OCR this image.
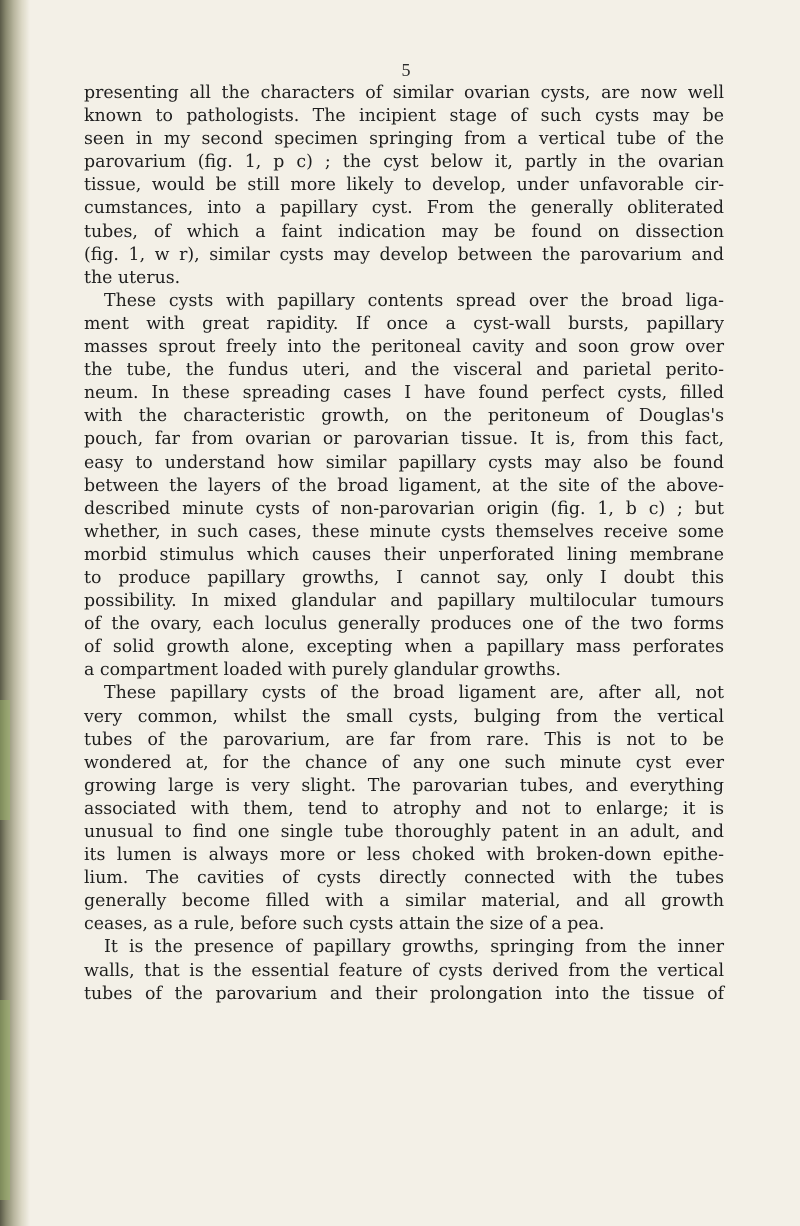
5
presenting all the characters of similar ovarian cysts, are now well
known to pathologists. The incipient stage of such cysts may be
seen in my second specimen springing from a vertical tube of the
parovarium (fig. 1, p c) ; the cyst below it, partly in the ovarian
tissue, would be still more likely to develop, under unfavorable cir-
cumstances, into a papillary cyst. From the generally obliterated
tubes, of which a faint indication may be found on dissection
(fig. 1, w r), similar cysts may develop between the parovarium and
the uterus.
These cysts with papillary contents spread over the broad liga-
ment with great rapidity. If once a cyst-wall bursts, papillary
masses sprout freely into the peritoneal cavity and soon grow over
the tube, the fundus uteri, and the visceral and parietal perito-
neum. In these spreading cases I have found perfect cysts, filled
with the characteristic growth, on the peritoneum of Douglas's
pouch, far from ovarian or parovarian tissue. It is, from this fact,
easy to understand how similar papillary cysts may also be found
between the layers of the broad ligament, at the site of the above-
described minute cysts of non-parovarian origin (fig. 1, b c) ; but
whether, in such cases, these minute cysts themselves receive some
morbid stimulus which causes their unperforated lining membrane
to produce papillary growths, I cannot say, only I doubt this
possibility. In mixed glandular and papillary multilocular tumours
of the ovary, each loculus generally produces one of the two forms
of solid growth alone, excepting when a papillary mass perforates
a compartment loaded with purely glandular growths.
These papillary cysts of the broad ligament are, after all, not
very common, whilst the small cysts, bulging from the vertical
tubes of the parovarium, are far from rare. This is not to be
wondered at, for the chance of any one such minute cyst ever
growing large is very slight. The parovarian tubes, and everything
associated with them, tend to atrophy and not to enlarge; it is
unusual to find one single tube thoroughly patent in an adult, and
its lumen is always more or less choked with broken-down epithe-
lium. The cavities of cysts directly connected with the tubes
generally become filled with a similar material, and all growth
ceases, as a rule, before such cysts attain the size of a pea.
It is the presence of papillary growths, springing from the inner
walls, that is the essential feature of cysts derived from the vertical
tubes of the parovarium and their prolongation into the tissue of
